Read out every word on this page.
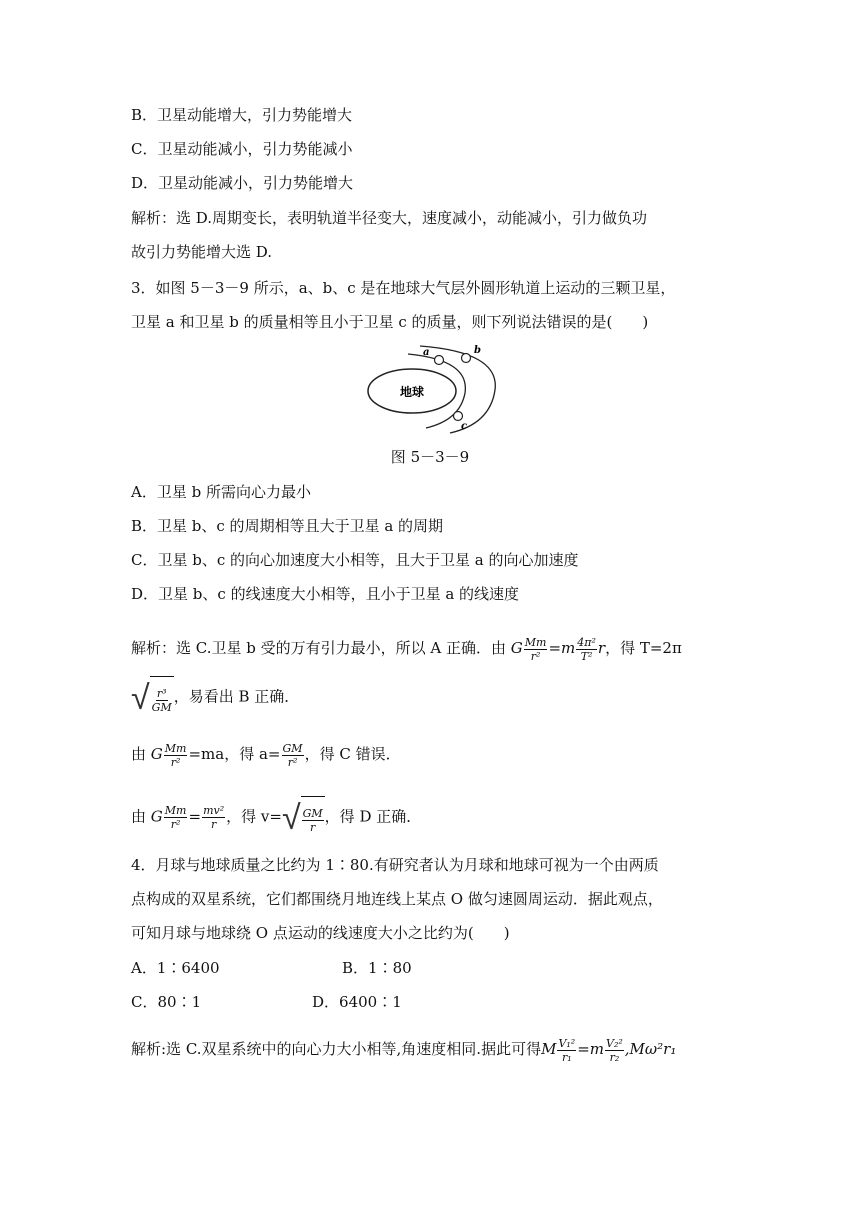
B．卫星动能增大，引力势能增大
C．卫星动能减小，引力势能减小
D．卫星动能减小，引力势能增大
解析：选 D.周期变长，表明轨道半径变大，速度减小，动能减小，引力做负功
故引力势能增大选 D.
3．如图 5－3－9 所示，a、b、c 是在地球大气层外圆形轨道上运动的三颗卫星，
卫星 a 和卫星 b 的质量相等且小于卫星 c 的质量，则下列说法错误的是(　　)
地球
a	b
c
图 5－3－9
A．卫星 b 所需向心力最小
B．卫星 b、c 的周期相等且大于卫星 a 的周期
C．卫星 b、c 的向心加速度大小相等，且大于卫星 a 的向心加速度
D．卫星 b、c 的线速度大小相等，且小于卫星 a 的线速度
解析：选 C.卫星 b 受的万有引力最小，所以 A 正确．由 G $\frac{Mm}{\text{r²}} =m \frac{\text{4π²}}{\text{T²}}$ r，得 T=2π
√ $\frac{\text{r³}}{GM}$ ，易看出 B 正确．
由 G $\frac{Mm}{\text{r²}} =ma$，得 $a= \frac{GM}{\text{r²}}$ ，得 C 错误．
由 G $\frac{Mm}{\text{r²}} = \frac{\text{mv²}}{r}$ ，得 v= √ $\frac{GM}{r}$ ，得 D 正确．
4．月球与地球质量之比约为 1∶80.有研究者认为月球和地球可视为一个由两质
点构成的双星系统，它们都围绕月地连线上某点 O 做匀速圆周运动．据此观点，
可知月球与地球绕 O 点运动的线速度大小之比约为(　　)
A．1∶6400	B．1∶80
C．80∶1	D．6400∶1
解析:选 C.双星系统中的向心力大小相等,角速度相同.据此可得M $\frac{\text{V₁²}}{\text{r₁}} =m \frac{\text{V₂²}}{\text{r₂}} ,M\omega^2r_1$
